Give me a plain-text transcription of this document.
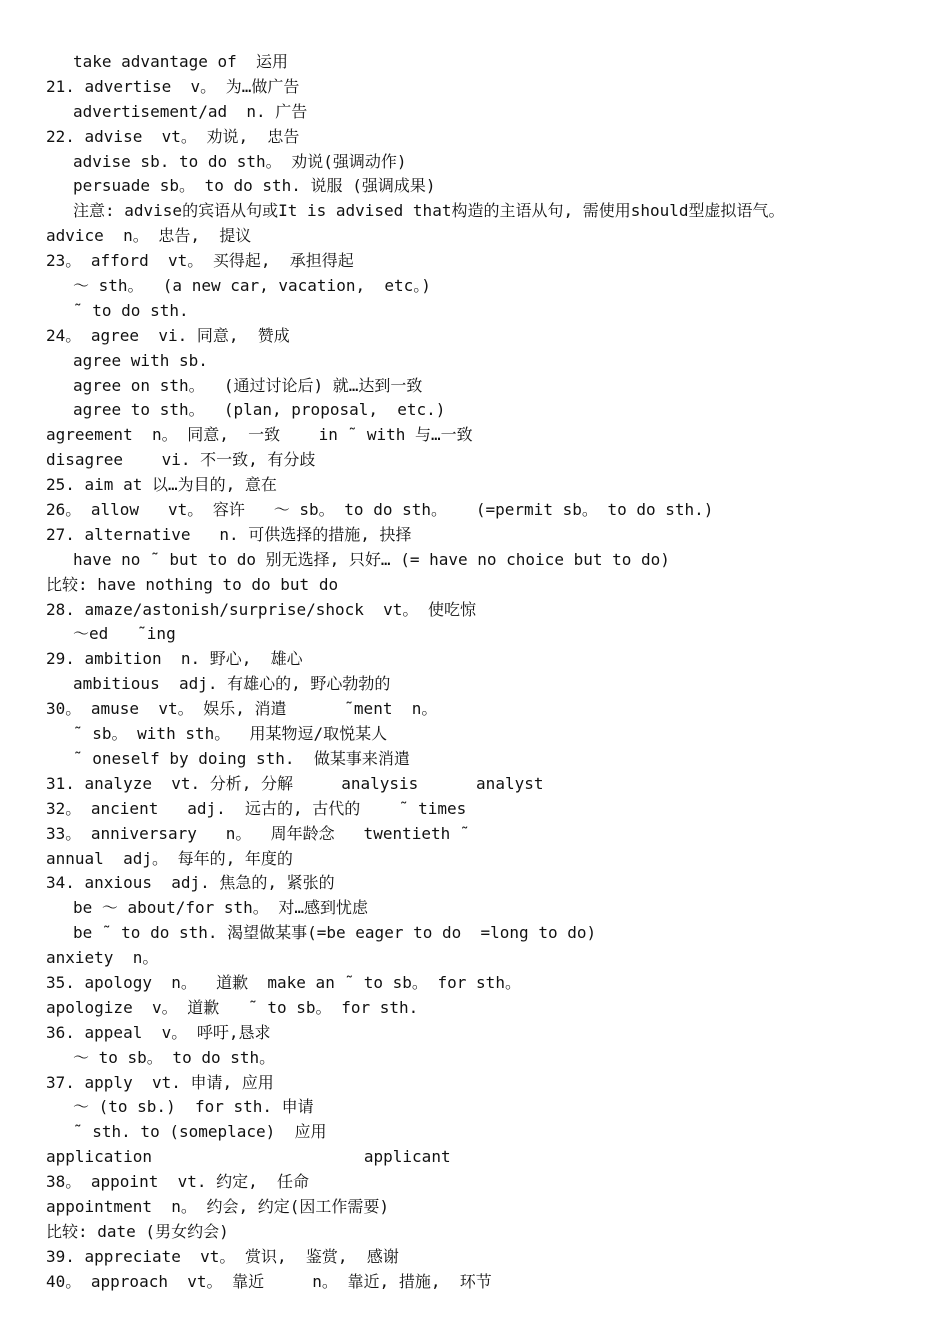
take advantage of  运用
21. advertise  v。 为…做广告
advertisement/ad  n. 广告
22. advise  vt。 劝说,  忠告
advise sb. to do sth。 劝说(强调动作)
persuade sb。 to do sth. 说服 (强调成果)
注意: advise的宾语从句或It is advised that构造的主语从句, 需使用should型虚拟语气。
advice  n。 忠告,  提议
23。 afford  vt。 买得起,  承担得起
～ sth。  (a new car, vacation,  etc。)
˜ to do sth.
24。 agree  vi. 同意,  赞成
agree with sb.
agree on sth。  (通过讨论后) 就…达到一致
agree to sth。  (plan, proposal,  etc.)
agreement  n。 同意,  一致    in ˜ with 与…一致
disagree    vi. 不一致, 有分歧
25. aim at 以…为目的, 意在
26。 allow   vt。 容许   ～ sb。 to do sth。   (=permit sb。 to do sth.)
27. alternative   n. 可供选择的措施, 抉择
have no ˜ but to do 别无选择, 只好… (= have no choice but to do)
比较: have nothing to do but do
28. amaze/astonish/surprise/shock  vt。 使吃惊
～ed   ˜ing
29. ambition  n. 野心,  雄心
ambitious  adj. 有雄心的, 野心勃勃的
30。 amuse  vt。 娱乐, 消遣      ˜ment  n。
˜ sb。 with sth。  用某物逗/取悦某人
˜ oneself by doing sth.  做某事来消遣
31. analyze  vt. 分析, 分解     analysis      analyst
32。 ancient   adj.  远古的, 古代的    ˜ times
33。 anniversary   n。  周年龄念   twentieth ˜
annual  adj。 每年的, 年度的
34. anxious  adj. 焦急的, 紧张的
be ～ about/for sth。 对…感到忧虑
be ˜ to do sth. 渴望做某事(=be eager to do  =long to do)
anxiety  n。
35. apology  n。  道歉  make an ˜ to sb。 for sth。
apologize  v。 道歉   ˜ to sb。 for sth.
36. appeal  v。 呼吁,恳求
～ to sb。 to do sth。
37. apply  vt. 申请, 应用
～ (to sb.)  for sth. 申请
˜ sth. to (someplace)  应用
application                      applicant
38。 appoint  vt. 约定,  任命
appointment  n。 约会, 约定(因工作需要)
比较: date (男女约会)
39. appreciate  vt。 赏识,  鉴赏,  感谢
40。 approach  vt。 靠近     n。 靠近, 措施,  环节
